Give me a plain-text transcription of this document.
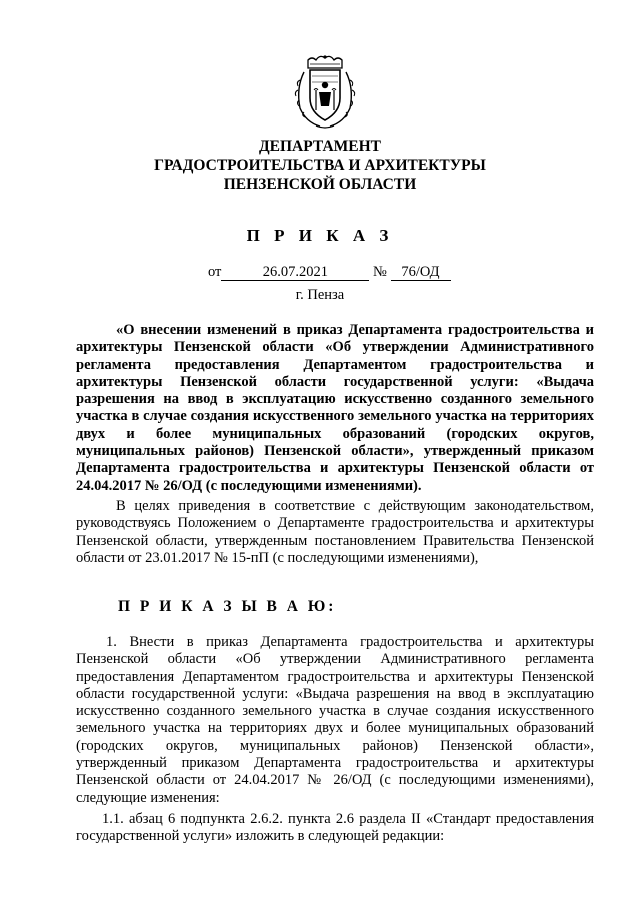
ДЕПАРТАМЕНТ
ГРАДОСТРОИТЕЛЬСТВА И АРХИТЕКТУРЫ
ПЕНЗЕНСКОЙ ОБЛАСТИ
П Р И К А З
от	26.07.2021	№ 76/ОД
г. Пенза
«О внесении изменений в приказ Департамента градостроительства и архитектуры Пензенской области «Об утверждении Административного регламента предоставления Департаментом градостроительства и архитектуры Пензенской области государственной услуги: «Выдача разрешения на ввод в эксплуатацию искусственно созданного земельного участка в случае создания искусственного земельного участка на территориях двух и более муниципальных образований (городских округов, муниципальных районов) Пензенской области», утвержденный приказом Департамента градостроительства и архитектуры Пензенской области от 24.04.2017 № 26/ОД (с последующими изменениями).
В целях приведения в соответствие с действующим законодательством, руководствуясь Положением о Департаменте градостроительства и архитектуры Пензенской области, утвержденным постановлением Правительства Пензенской области от 23.01.2017 № 15-пП (с последующими изменениями),
П Р И К А З Ы В А Ю:
1. Внести в приказ Департамента градостроительства и архитектуры Пензенской области «Об утверждении Административного регламента предоставления Департаментом градостроительства и архитектуры Пензенской области государственной услуги: «Выдача разрешения на ввод в эксплуатацию искусственно созданного земельного участка в случае создания искусственного земельного участка на территориях двух и более муниципальных образований (городских округов, муниципальных районов) Пензенской области», утвержденный приказом Департамента градостроительства и архитектуры Пензенской области от 24.04.2017 № 26/ОД (с последующими изменениями), следующие изменения:
1.1. абзац 6 подпункта 2.6.2. пункта 2.6 раздела II «Стандарт предоставления государственной услуги» изложить в следующей редакции:
